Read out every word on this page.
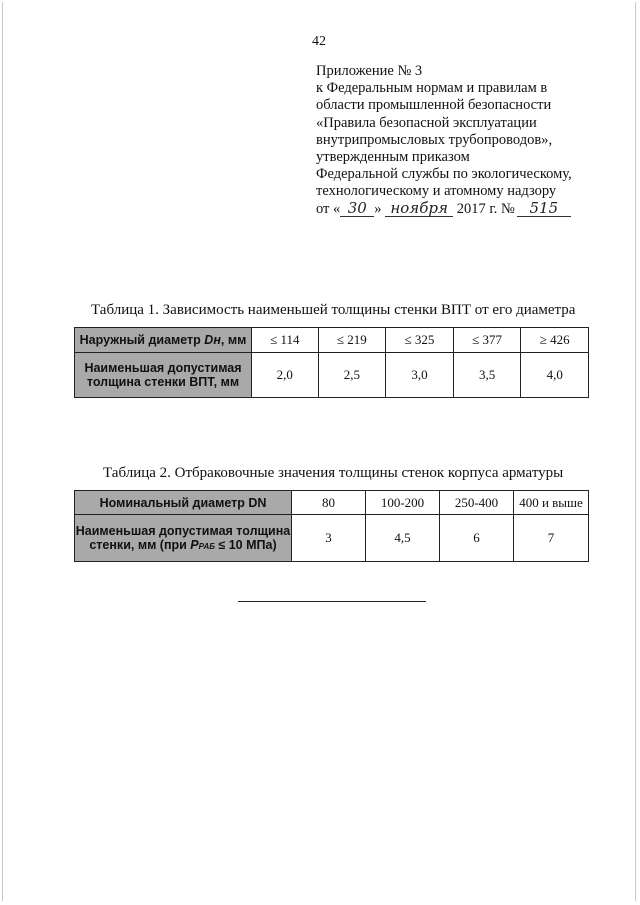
42
Приложение № 3
к Федеральным нормам и правилам в
области промышленной безопасности
«Правила безопасной эксплуатации
внутрипромысловых трубопроводов»,
утвержденным приказом
Федеральной службы по экологическому,
технологическому и атомному надзору
от « 30 » ноября 2017 г. № 515
Таблица 1. Зависимость наименьшей толщины стенки ВПТ от его диаметра
Наружный диаметр Dн, мм	≤ 114	≤ 219	≤ 325	≤ 377	≥ 426

Наименьшая допустимая
толщина стенки ВПТ, мм	2,0	2,5	3,0	3,5	4,0
Таблица 2. Отбраковочные значения толщины стенок корпуса арматуры
Номинальный диаметр DN	80	100-200	250-400	400 и выше

Наименьшая допустимая толщина
стенки, мм (при PРАБ ≤ 10 МПа)	3	4,5	6	7
